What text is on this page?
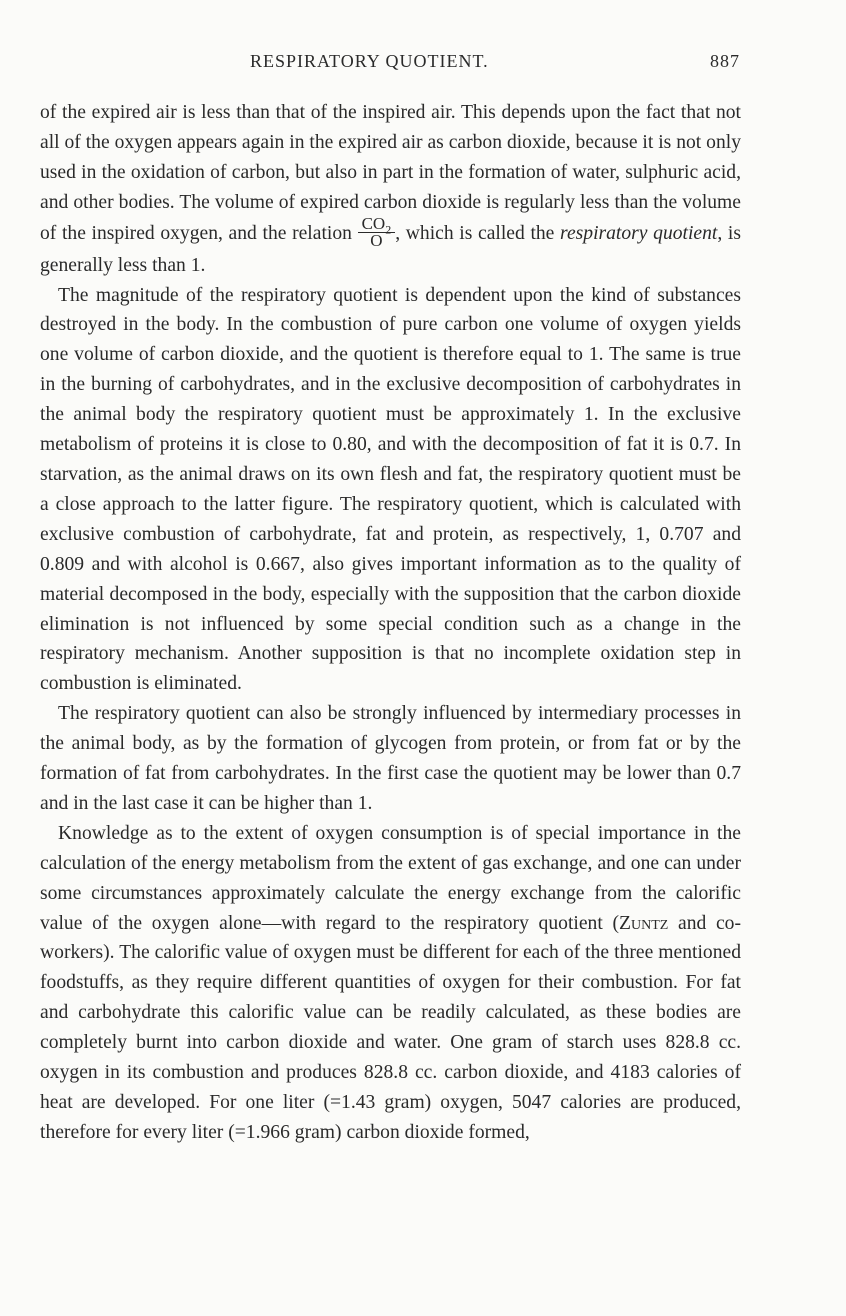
RESPIRATORY QUOTIENT.	887

of the expired air is less than that of the inspired air. This depends upon the fact that not all of the oxygen appears again in the expired air as carbon dioxide, because it is not only used in the oxidation of carbon, but also in part in the formation of water, sulphuric acid, and other bodies. The volume of expired carbon dioxide is regularly less than the volume of the inspired oxygen, and the relation $\frac{CO_2}{O}$ , which is called the respiratory quotient, is generally less than 1.

The magnitude of the respiratory quotient is dependent upon the kind of substances destroyed in the body. In the combustion of pure carbon one volume of oxygen yields one volume of carbon dioxide, and the quotient is therefore equal to 1. The same is true in the burning of carbohydrates, and in the exclusive decomposition of carbohydrates in the animal body the respiratory quotient must be approximately 1. In the exclusive metabolism of proteins it is close to 0.80, and with the decomposition of fat it is 0.7. In starvation, as the animal draws on its own flesh and fat, the respiratory quotient must be a close approach to the latter figure. The respiratory quotient, which is calculated with exclusive combustion of carbohydrate, fat and protein, as respectively, 1, 0.707 and 0.809 and with alcohol is 0.667, also gives important information as to the quality of material decomposed in the body, especially with the supposition that the carbon dioxide elimination is not influenced by some special condition such as a change in the respiratory mechanism. Another supposition is that no incomplete oxidation step in combustion is eliminated.

The respiratory quotient can also be strongly influenced by intermediary processes in the animal body, as by the formation of glycogen from protein, or from fat or by the formation of fat from carbohydrates. In the first case the quotient may be lower than 0.7 and in the last case it can be higher than 1.

Knowledge as to the extent of oxygen consumption is of special importance in the calculation of the energy metabolism from the extent of gas exchange, and one can under some circumstances approximately calculate the energy exchange from the calorific value of the oxygen alone—with regard to the respiratory quotient (Zuntz and co-workers). The calorific value of oxygen must be different for each of the three mentioned foodstuffs, as they require different quantities of oxygen for their combustion. For fat and carbohydrate this calorific value can be readily calculated, as these bodies are completely burnt into carbon dioxide and water. One gram of starch uses 828.8 cc. oxygen in its combustion and produces 828.8 cc. carbon dioxide, and 4183 calories of heat are developed. For one liter (=1.43 gram) oxygen, 5047 calories are produced, therefore for every liter (=1.966 gram) carbon dioxide formed,
